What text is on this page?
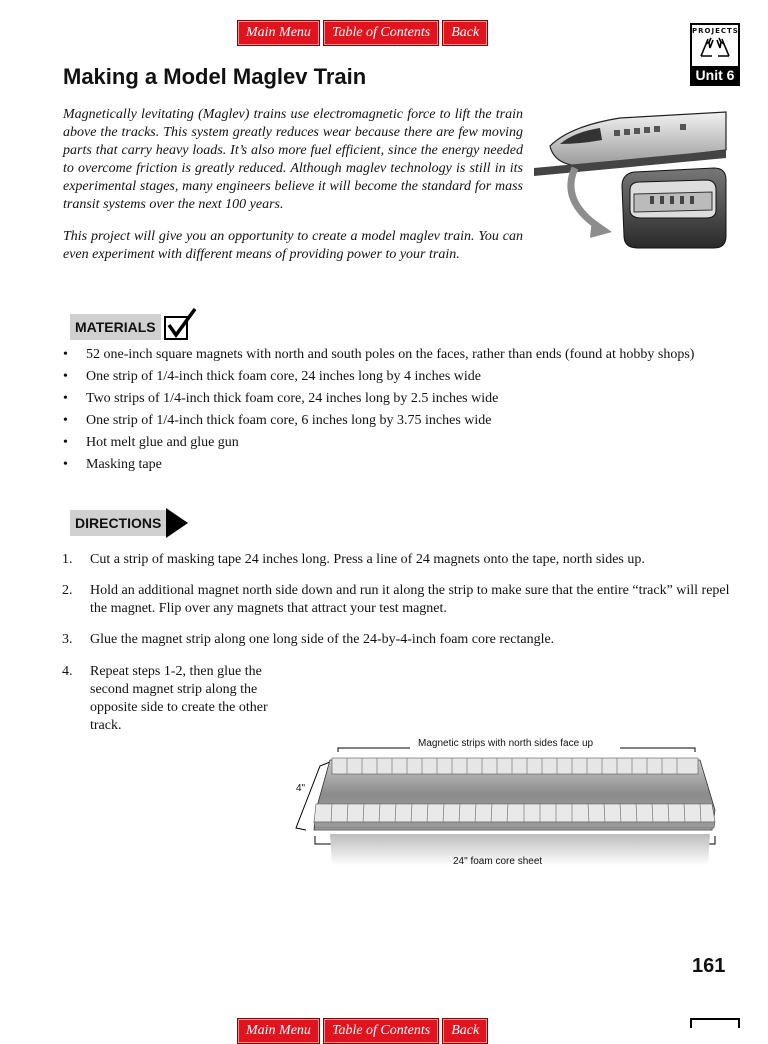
Main Menu	Table of Contents	Back	PROJECTS
Unit 6
Making a Model Maglev Train

Magnetically levitating (Maglev) trains use electromagnetic force to lift the train above the tracks. This system greatly reduces wear because there are few moving parts that carry heavy loads. It’s also more fuel efficient, since the energy needed to overcome friction is greatly reduced. Although maglev technology is still in its experimental stages, many engineers believe it will become the standard for mass transit systems over the next 100 years.

This project will give you an opportunity to create a model maglev train. You can even experiment with different means of providing power to your train.

MATERIALS
• 52 one-inch square magnets with north and south poles on the faces, rather than ends (found at hobby shops)
• One strip of 1/4-inch thick foam core, 24 inches long by 4 inches wide
• Two strips of 1/4-inch thick foam core, 24 inches long by 2.5 inches wide
• One strip of 1/4-inch thick foam core, 6 inches long by 3.75 inches wide
• Hot melt glue and glue gun
• Masking tape
DIRECTIONS
1. Cut a strip of masking tape 24 inches long. Press a line of 24 magnets onto the tape, north sides up.
2. Hold an additional magnet north side down and run it along the strip to make sure that the entire “track” will repel the magnet. Flip over any magnets that attract your test magnet.
3. Glue the magnet strip along one long side of the 24-by-4-inch foam core rectangle.
4. Repeat steps 1-2, then glue the second magnet strip along the opposite side to create the other track.
Magnetic strips with north sides face up
4"
24" foam core sheet
161
Main Menu	Table of Contents	Back
